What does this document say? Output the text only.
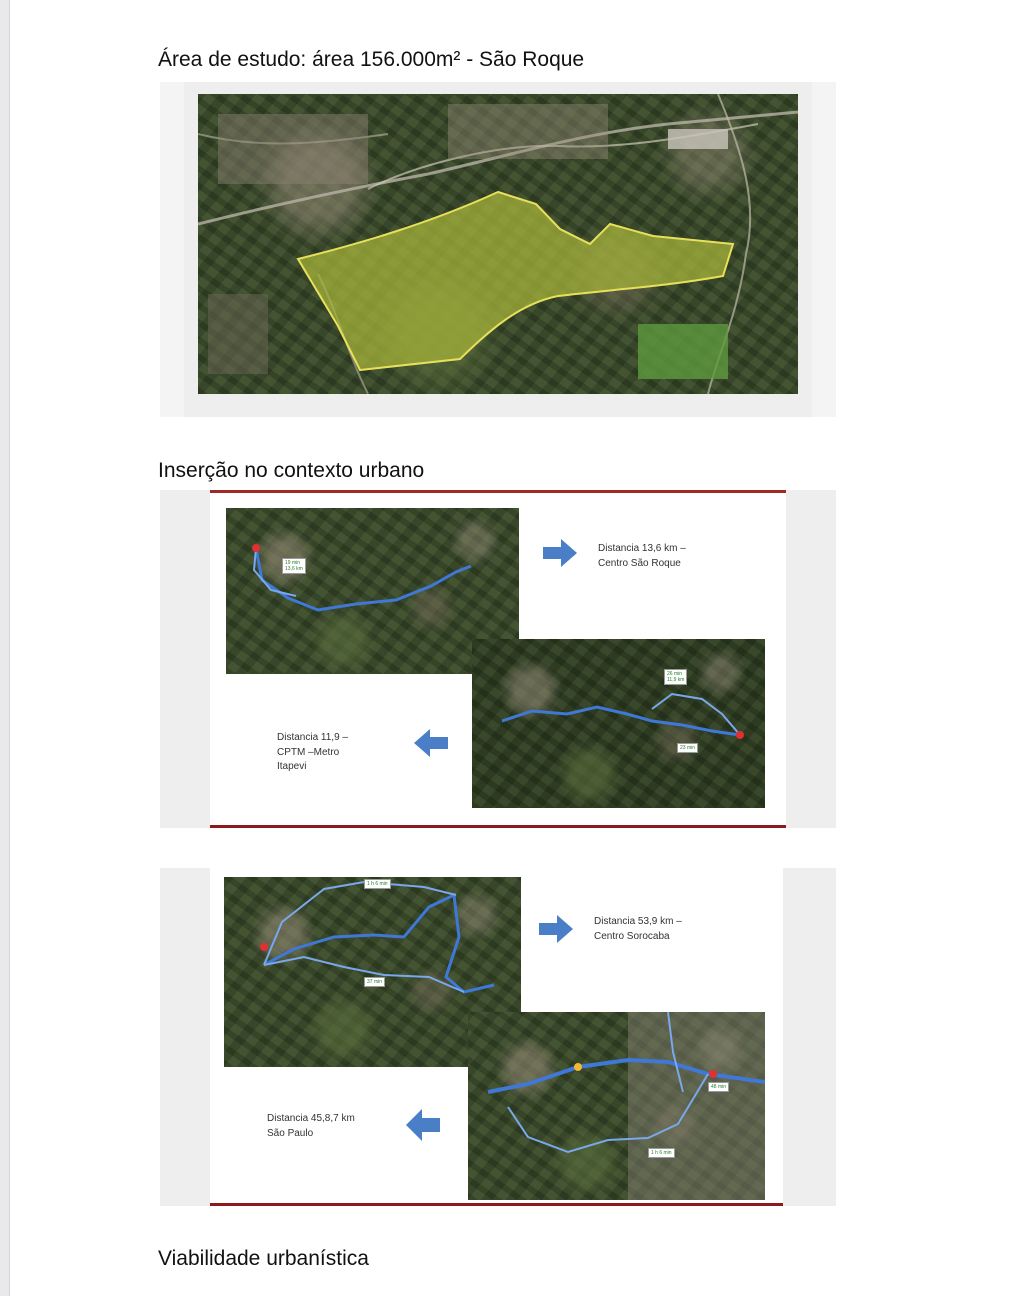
Área de estudo: área 156.000m² - São Roque
Inserção no contexto urbano
19 min
13,6 km
Distancia 13,6 km –
Centro São Roque
26 min
11,9 km
23 min
Distancia 11,9 –
CPTM –Metro
Itapevi
37 min
1 h 6 min
Distancia 53,9 km –
Centro Sorocaba
48 min
1 h 6 min
Distancia 45,8,7 km
São Paulo
Viabilidade urbanística
